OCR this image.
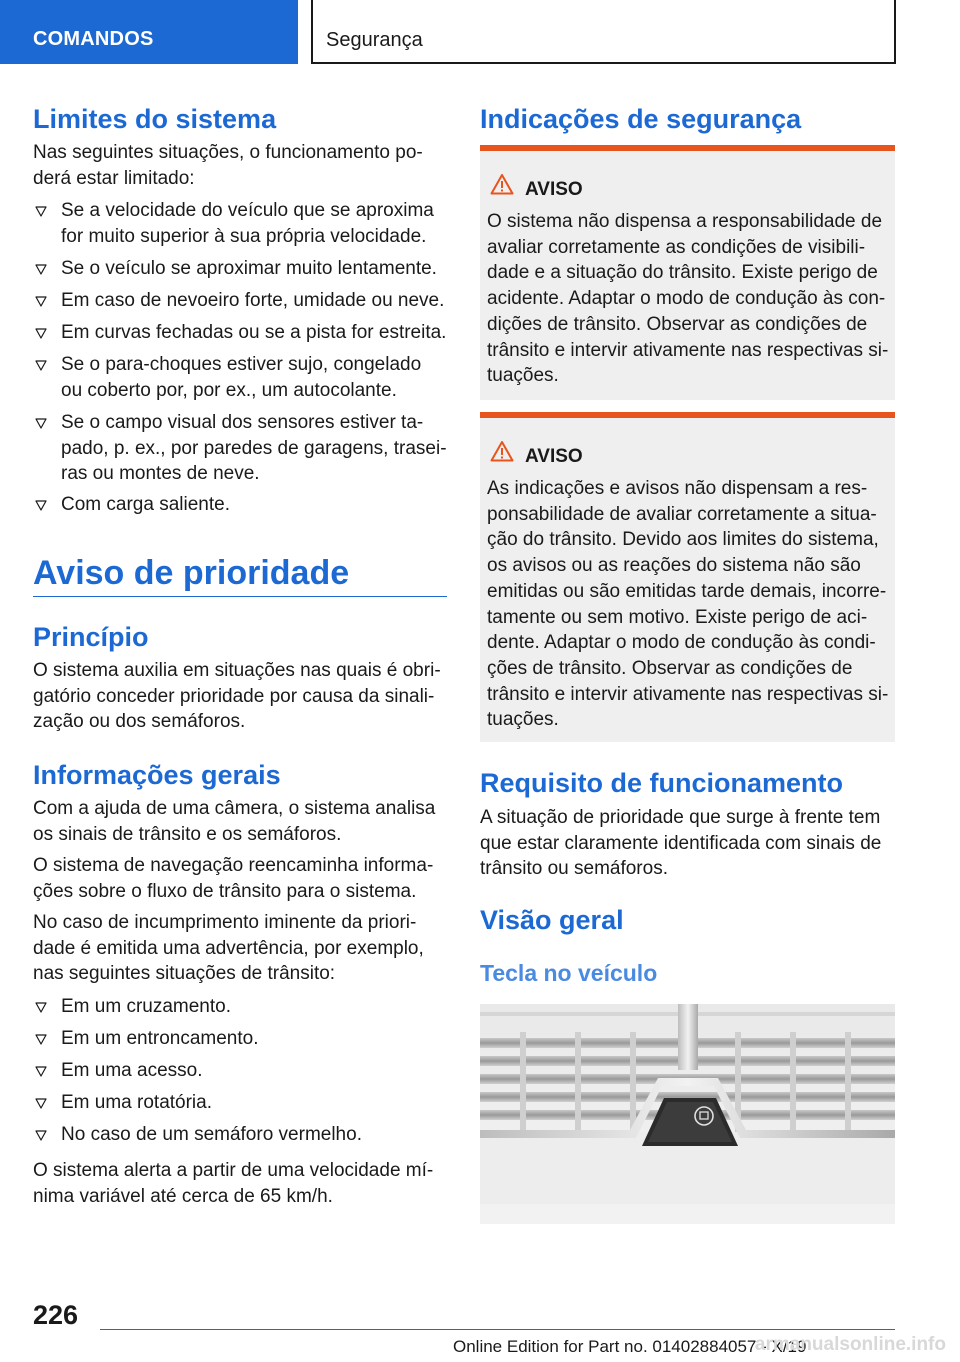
COMANDOS	Segurança
Limites do sistema
Nas seguintes situações, o funcionamento poderá estar limitado:
Se a velocidade do veículo que se aproxima for muito superior à sua própria velocidade.
Se o veículo se aproximar muito lentamente.
Em caso de nevoeiro forte, umidade ou neve.
Em curvas fechadas ou se a pista for estreita.
Se o para-choques estiver sujo, congelado ou coberto por, por ex., um autocolante.
Se o campo visual dos sensores estiver tapado, p. ex., por paredes de garagens, traseiras ou montes de neve.
Com carga saliente.
Aviso de prioridade
Princípio
O sistema auxilia em situações nas quais é obrigatório conceder prioridade por causa da sinalização ou dos semáforos.
Informações gerais
Com a ajuda de uma câmera, o sistema analisa os sinais de trânsito e os semáforos.
O sistema de navegação reencaminha informações sobre o fluxo de trânsito para o sistema.
No caso de incumprimento iminente da prioridade é emitida uma advertência, por exemplo, nas seguintes situações de trânsito:
Em um cruzamento.
Em um entroncamento.
Em uma acesso.
Em uma rotatória.
No caso de um semáforo vermelho.
O sistema alerta a partir de uma velocidade mínima variável até cerca de 65 km/h.
Indicações de segurança
AVISO
O sistema não dispensa a responsabilidade de avaliar corretamente as condições de visibilidade e a situação do trânsito. Existe perigo de acidente. Adaptar o modo de condução às condições de trânsito. Observar as condições de trânsito e intervir ativamente nas respectivas situações.
AVISO
As indicações e avisos não dispensam a responsabilidade de avaliar corretamente a situação do trânsito. Devido aos limites do sistema, os avisos ou as reações do sistema não são emitidas ou são emitidas tarde demais, incorretamente ou sem motivo. Existe perigo de acidente. Adaptar o modo de condução às condições de trânsito. Observar as condições de trânsito e intervir ativamente nas respectivas situações.
Requisito de funcionamento
A situação de prioridade que surge à frente tem que estar claramente identificada com sinais de trânsito ou semáforos.
Visão geral
Tecla no veículo
226
Online Edition for Part no. 01402884057 - X/19
armanualsonline.info
